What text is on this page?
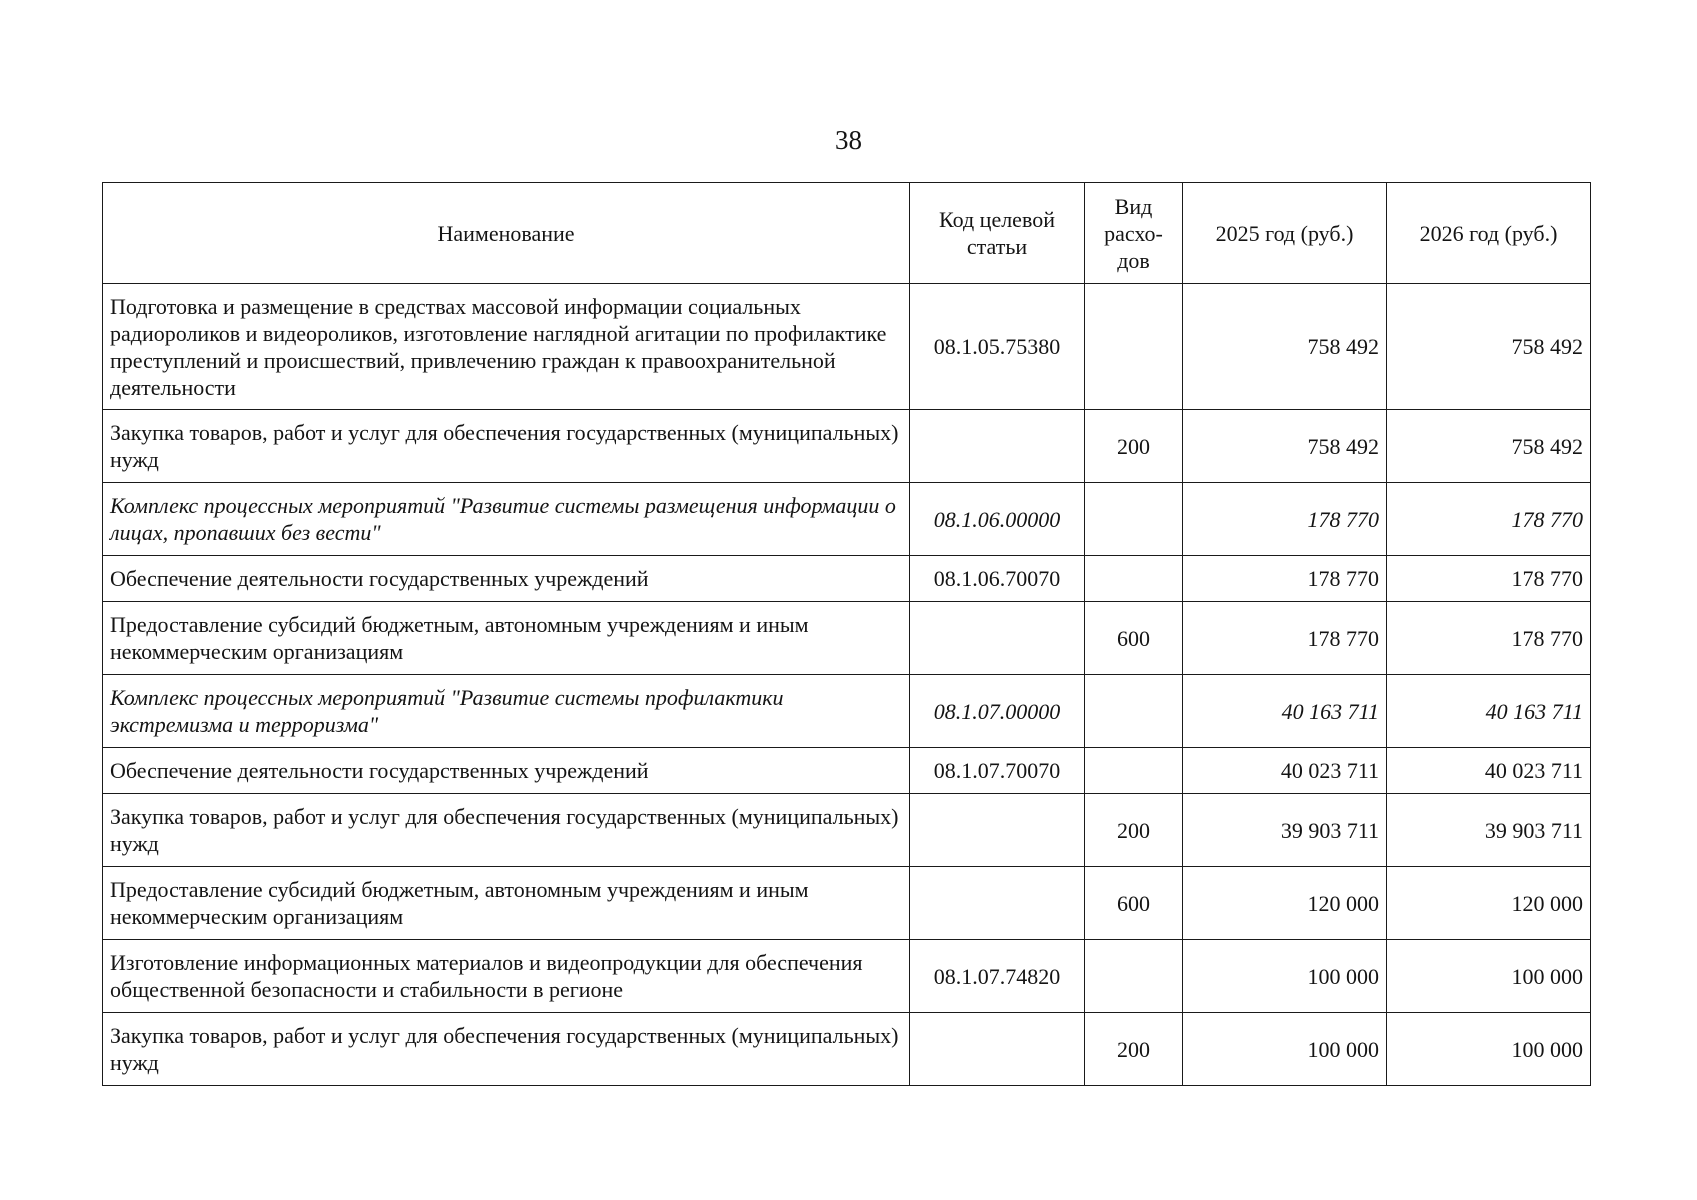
38
Наименование	Код целевой статьи	Вид расхо-дов	2025 год (руб.)	2026 год (руб.)
Подготовка и размещение в средствах массовой информации социальных радиороликов и видеороликов, изготовление наглядной агитации по профилактике преступлений и происшествий, привлечению граждан к правоохранительной деятельности	08.1.05.75380		758 492	758 492
Закупка товаров, работ и услуг для обеспечения государственных (муниципальных) нужд		200	758 492	758 492
Комплекс процессных мероприятий "Развитие системы размещения информации о лицах, пропавших без вести"	08.1.06.00000		178 770	178 770
Обеспечение деятельности государственных учреждений	08.1.06.70070		178 770	178 770
Предоставление субсидий бюджетным, автономным учреждениям и иным некоммерческим организациям		600	178 770	178 770
Комплекс процессных мероприятий "Развитие системы профилактики экстремизма и терроризма"	08.1.07.00000		40 163 711	40 163 711
Обеспечение деятельности государственных учреждений	08.1.07.70070		40 023 711	40 023 711
Закупка товаров, работ и услуг для обеспечения государственных (муниципальных) нужд		200	39 903 711	39 903 711
Предоставление субсидий бюджетным, автономным учреждениям и иным некоммерческим организациям		600	120 000	120 000
Изготовление информационных материалов и видеопродукции для обеспечения общественной безопасности и стабильности в регионе	08.1.07.74820		100 000	100 000
Закупка товаров, работ и услуг для обеспечения государственных (муниципальных) нужд		200	100 000	100 000
